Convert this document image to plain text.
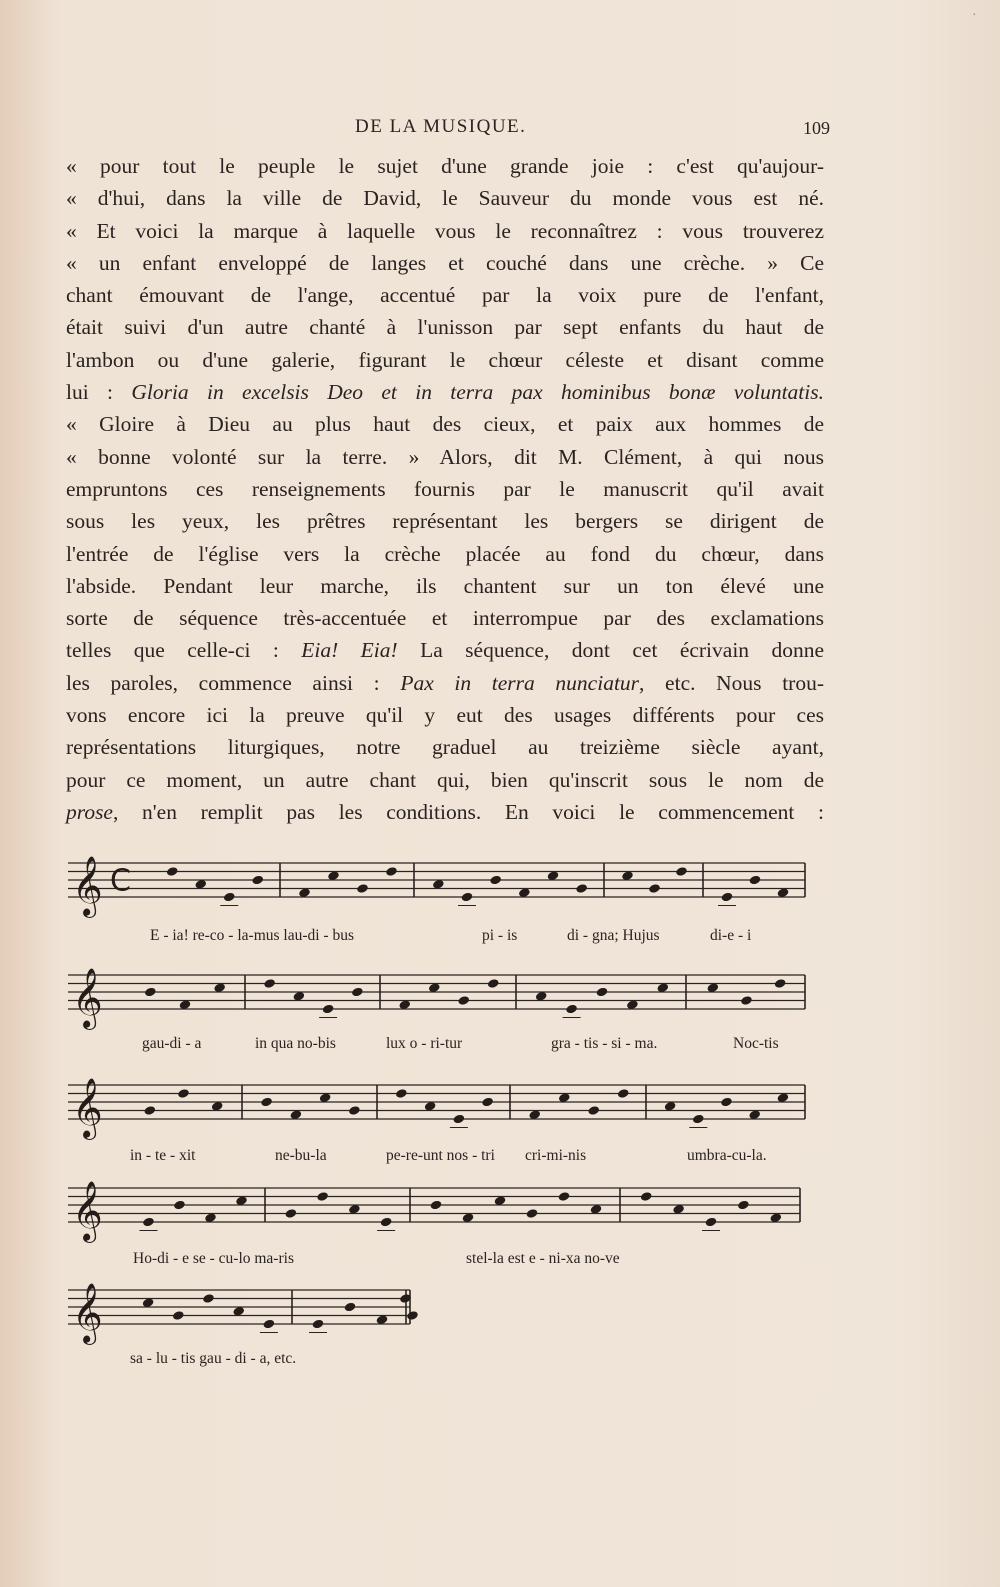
DE LA MUSIQUE.	109
« pour tout le peuple le sujet d'une grande joie : c'est qu'aujour-
« d'hui, dans la ville de David, le Sauveur du monde vous est né.
« Et voici la marque à laquelle vous le reconnaîtrez : vous trouverez
« un enfant enveloppé de langes et couché dans une crèche. » Ce
chant émouvant de l'ange, accentué par la voix pure de l'enfant,
était suivi d'un autre chanté à l'unisson par sept enfants du haut de
l'ambon ou d'une galerie, figurant le chœur céleste et disant comme
lui : Gloria in excelsis Deo et in terra pax hominibus bonæ voluntatis.
« Gloire à Dieu au plus haut des cieux, et paix aux hommes de
« bonne volonté sur la terre. » Alors, dit M. Clément, à qui nous
empruntons ces renseignements fournis par le manuscrit qu'il avait
sous les yeux, les prêtres représentant les bergers se dirigent de
l'entrée de l'église vers la crèche placée au fond du chœur, dans
l'abside. Pendant leur marche, ils chantent sur un ton élevé une
sorte de séquence très-accentuée et interrompue par des exclamations
telles que celle-ci : Eia! Eia! La séquence, dont cet écrivain donne
les paroles, commence ainsi : Pax in terra nunciatur, etc. Nous trou-
vons encore ici la preuve qu'il y eut des usages différents pour ces
représentations liturgiques, notre graduel au treizième siècle ayant,
pour ce moment, un autre chant qui, bien qu'inscrit sous le nom de
prose, n'en remplit pas les conditions. En voici le commencement :
𝄞 C
E - ia! re-co - la-mus lau-di - bus	pi - is	di - gna; Hujus	di-e - i
𝄞
gau-di - a	in qua no-bis	lux o - ri-tur	gra - tis - si - ma.	Noc-tis
𝄞
in - te - xit	ne-bu-la	pe-re-unt nos - tri cri-mi-nis	umbra-cu-la.
𝄞
Ho-di - e se - cu-lo ma-ris	stel-la est e - ni-xa no-ve
𝄞
sa - lu - tis gau - di - a, etc.
·
